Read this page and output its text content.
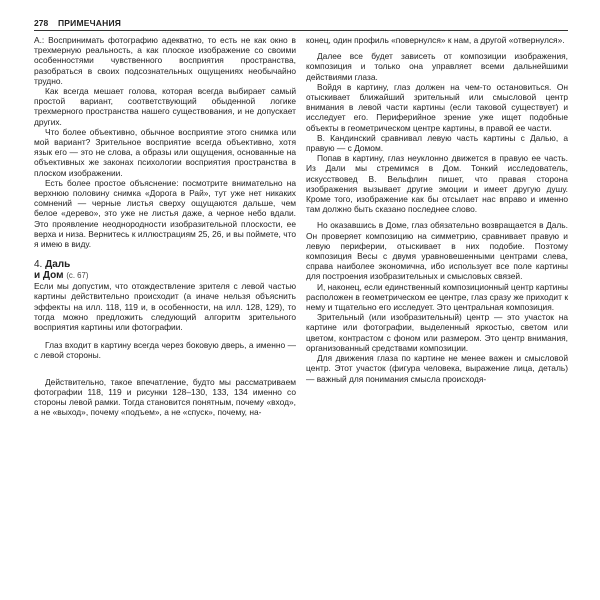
278 ПРИМЕЧАНИЯ

А.: Воспринимать фотографию адекватно, то есть не как окно в трехмерную реальность, а как плоское изображение со своими особенностями чувственного восприятия пространства, разобраться в своих подсознательных ощущениях необычайно трудно.

Как всегда мешает голова, которая всегда выбирает самый простой вариант, соответствующий обыденной логике трехмерного пространства нашего существования, и не допускает других.

Что более объективно, обычное восприятие этого снимка или мой вариант? Зрительное восприятие всегда объективно, хотя язык его — это не слова, а образы или ощущения, основанные на объективных же законах психологии восприятия пространства в плоском изображении.

Есть более простое объяснение: посмотрите внимательно на верхнюю половину снимка «Дорога в Рай», тут уже нет никаких сомнений — черные листья сверху ощущаются дальше, чем белое «дерево», это уже не листья даже, а черное небо вдали. Это проявление неоднородности изобразительной плоскости, ее верха и низа. Вернитесь к иллюстрациям 25, 26, и вы поймете, что я имею в виду.

4. Даль
и Дом (с. 67)

Если мы допустим, что отождествление зрителя с левой частью картины действительно происходит (а иначе нельзя объяснить эффекты на илл. 118, 119 и, в особенности, на илл. 128, 129), то тогда можно предложить следующий алгоритм зрительного восприятия картины или фотографии.

Глаз входит в картину всегда через боковую дверь, а именно — с левой стороны.

Действительно, такое впечатление, будто мы рассматриваем фотографии 118, 119 и рисунки 128–130, 133, 134 именно со стороны левой рамки. Тогда становится понятным, почему «вход», а не «выход», почему «подъем», а не «спуск», почему, на-

конец, один профиль «повернулся» к нам, а другой «отвернулся».

Далее все будет зависеть от композиции изображения, композиция и только она управляет всеми дальнейшими действиями глаза.

Войдя в картину, глаз должен на чем-то остановиться. Он отыскивает ближайший зрительный или смысловой центр внимания в левой части картины (если таковой существует) и исследует его. Периферийное зрение уже ищет подобные объекты в геометрическом центре картины, в правой ее части.

В. Кандинский сравнивал левую часть картины с Далью, а правую — с Домом.

Попав в картину, глаз неуклонно движется в правую ее часть. Из Дали мы стремимся в Дом. Тонкий исследователь, искусствовед В. Вельфлин пишет, что правая сторона изображения вызывает другие эмоции и имеет другую душу. Кроме того, изображение как бы отсылает нас вправо и именно там должно быть сказано последнее слово.

Но оказавшись в Доме, глаз обязательно возвращается в Даль. Он проверяет композицию на симметрию, сравнивает правую и левую периферии, отыскивает в них подобие. Поэтому композиция Весы с двумя уравновешенными центрами слева, справа наиболее экономична, ибо использует все поле картины для построения изобразительных и смысловых связей.

И, наконец, если единственный композиционный центр картины расположен в геометрическом ее центре, глаз сразу же приходит к нему и тщательно его исследует. Это центральная композиция.

Зрительный (или изобразительный) центр — это участок на картине или фотографии, выделенный яркостью, светом или цветом, контрастом с фоном или размером. Это центр внимания, организованный средствами композиции.

Для движения глаза по картине не менее важен и смысловой центр. Этот участок (фигура человека, выражение лица, деталь) — важный для понимания смысла происходя-
